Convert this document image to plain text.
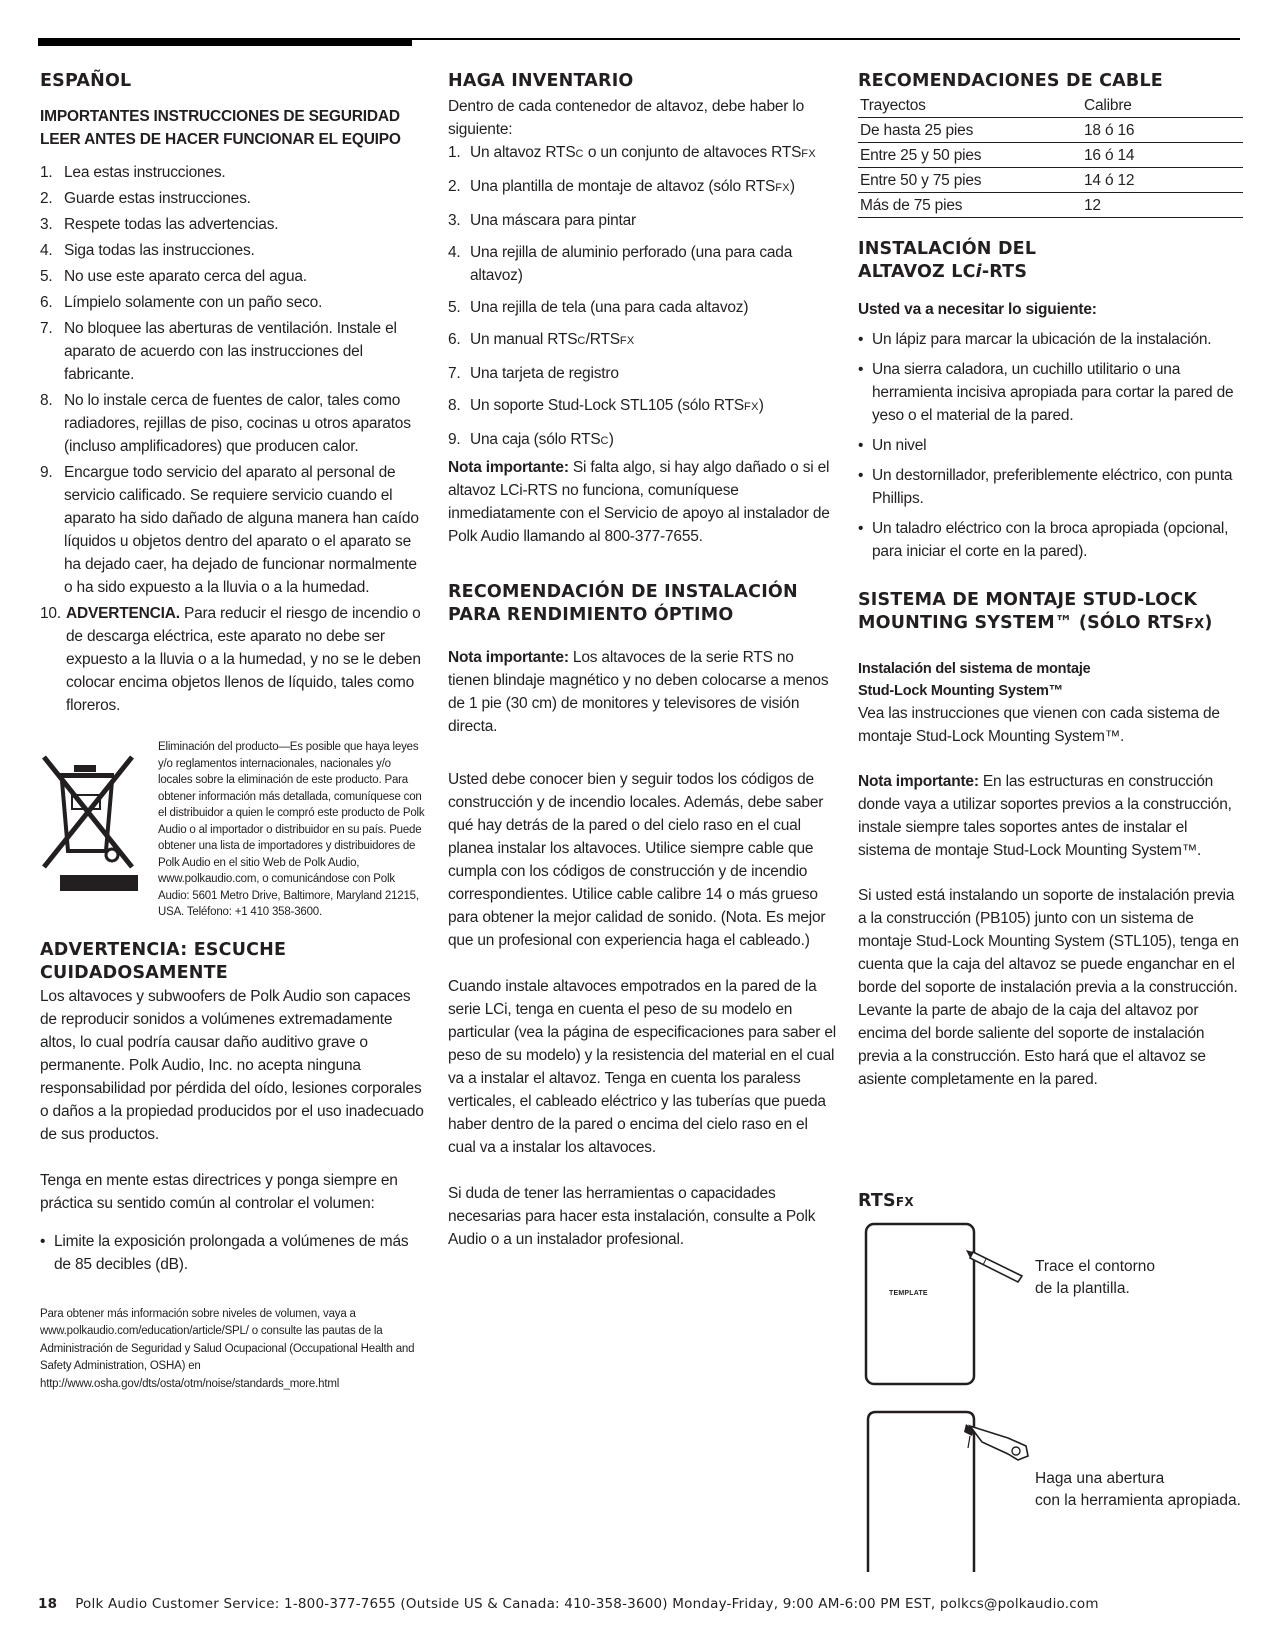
ESPAÑOL
IMPORTANTES INSTRUCCIONES DE SEGURIDAD LEER ANTES DE HACER FUNCIONAR EL EQUIPO
1. Lea estas instrucciones.
2. Guarde estas instrucciones.
3. Respete todas las advertencias.
4. Siga todas las instrucciones.
5. No use este aparato cerca del agua.
6. Límpielo solamente con un paño seco.
7. No bloquee las aberturas de ventilación. Instale el aparato de acuerdo con las instrucciones del fabricante.
8. No lo instale cerca de fuentes de calor, tales como radiadores, rejillas de piso, cocinas u otros aparatos (incluso amplificadores) que producen calor.
9. Encargue todo servicio del aparato al personal de servicio calificado. Se requiere servicio cuando el aparato ha sido dañado de alguna manera han caído líquidos u objetos dentro del aparato o el aparato se ha dejado caer, ha dejado de funcionar normalmente o ha sido expuesto a la lluvia o a la humedad.
10. ADVERTENCIA. Para reducir el riesgo de incendio o de descarga eléctrica, este aparato no debe ser expuesto a la lluvia o a la humedad, y no se le deben colocar encima objetos llenos de líquido, tales como floreros.

Eliminación del producto—Es posible que haya leyes y/o reglamentos internacionales, nacionales y/o locales sobre la eliminación de este producto. Para obtener información más detallada, comuníquese con el distribuidor a quien le compró este producto de Polk Audio o al importador o distribuidor en su país. Puede obtener una lista de importadores y distribuidores de Polk Audio en el sitio Web de Polk Audio, www.polkaudio.com, o comunicándose con Polk Audio: 5601 Metro Drive, Baltimore, Maryland 21215, USA. Teléfono: +1 410 358-3600.

ADVERTENCIA: ESCUCHE CUIDADOSAMENTE

Los altavoces y subwoofers de Polk Audio son capaces de reproducir sonidos a volúmenes extremadamente altos, lo cual podría causar daño auditivo grave o permanente. Polk Audio, Inc. no acepta ninguna responsabilidad por pérdida del oído, lesiones corporales o daños a la propiedad producidos por el uso inadecuado de sus productos.

Tenga en mente estas directrices y ponga siempre en práctica su sentido común al controlar el volumen:

• Limite la exposición prolongada a volúmenes de más de 85 decibles (dB).

Para obtener más información sobre niveles de volumen, vaya a www.polkaudio.com/education/article/SPL/ o consulte las pautas de la Administración de Seguridad y Salud Ocupacional (Occupational Health and Safety Administration, OSHA) en http://www.osha.gov/dts/osta/otm/noise/standards_more.html

HAGA INVENTARIO

Dentro de cada contenedor de altavoz, debe haber lo siguiente:

1. Un altavoz RTSC o un conjunto de altavoces RTSFX
2. Una plantilla de montaje de altavoz (sólo RTSFX)
3. Una máscara para pintar
4. Una rejilla de aluminio perforado (una para cada altavoz)
5. Una rejilla de tela (una para cada altavoz)
6. Un manual RTSC/RTSFX
7. Una tarjeta de registro
8. Un soporte Stud-Lock STL105 (sólo RTSFX)
9. Una caja (sólo RTSC)

Nota importante: Si falta algo, si hay algo dañado o si el altavoz LCi-RTS no funciona, comuníquese inmediatamente con el Servicio de apoyo al instalador de Polk Audio llamando al 800-377-7655.

RECOMENDACIÓN DE INSTALACIÓN PARA RENDIMIENTO ÓPTIMO

Nota importante: Los altavoces de la serie RTS no tienen blindaje magnético y no deben colocarse a menos de 1 pie (30 cm) de monitores y televisores de visión directa.

Usted debe conocer bien y seguir todos los códigos de construcción y de incendio locales. Además, debe saber qué hay detrás de la pared o del cielo raso en el cual planea instalar los altavoces. Utilice siempre cable que cumpla con los códigos de construcción y de incendio correspondientes. Utilice cable calibre 14 o más grueso para obtener la mejor calidad de sonido. (Nota. Es mejor que un profesional con experiencia haga el cableado.)

Cuando instale altavoces empotrados en la pared de la serie LCi, tenga en cuenta el peso de su modelo en particular (vea la página de especificaciones para saber el peso de su modelo) y la resistencia del material en el cual va a instalar el altavoz. Tenga en cuenta los paraless verticales, el cableado eléctrico y las tuberías que pueda haber dentro de la pared o encima del cielo raso en el cual va a instalar los altavoces.

Si duda de tener las herramientas o capacidades necesarias para hacer esta instalación, consulte a Polk Audio o a un instalador profesional.

RECOMENDACIONES DE CABLE
Trayectos	Calibre
De hasta 25 pies	18 ó 16
Entre 25 y 50 pies	16 ó 14
Entre 50 y 75 pies	14 ó 12
Más de 75 pies	12
INSTALACIÓN DEL
ALTAVOZ LCi-RTS
Usted va a necesitar lo siguiente:
• Un lápiz para marcar la ubicación de la instalación.
• Una sierra caladora, un cuchillo utilitario o una herramienta incisiva apropiada para cortar la pared de yeso o el material de la pared.
• Un nivel
• Un destornillador, preferiblemente eléctrico, con punta Phillips.
• Un taladro eléctrico con la broca apropiada (opcional, para iniciar el corte en la pared).
SISTEMA DE MONTAJE STUD-LOCK
MOUNTING SYSTEM™ (SÓLO RTSFX)
Instalación del sistema de montaje
Stud-Lock Mounting System™

Vea las instrucciones que vienen con cada sistema de montaje Stud-Lock Mounting System™.

Nota importante: En las estructuras en construcción donde vaya a utilizar soportes previos a la construcción, instale siempre tales soportes antes de instalar el sistema de montaje Stud-Lock Mounting System™.

Si usted está instalando un soporte de instalación previa a la construcción (PB105) junto con un sistema de montaje Stud-Lock Mounting System (STL105), tenga en cuenta que la caja del altavoz se puede enganchar en el borde del soporte de instalación previa a la construcción. Levante la parte de abajo de la caja del altavoz por encima del borde saliente del soporte de instalación previa a la construcción. Esto hará que el altavoz se asiente completamente en la pared.

RTSFX
TEMPLATE
Trace el contorno
de la plantilla.
Haga una abertura
con la herramienta apropiada.
18 Polk Audio Customer Service: 1-800-377-7655 (Outside US & Canada: 410-358-3600) Monday-Friday, 9:00 AM-6:00 PM EST, polkcs@polkaudio.com
